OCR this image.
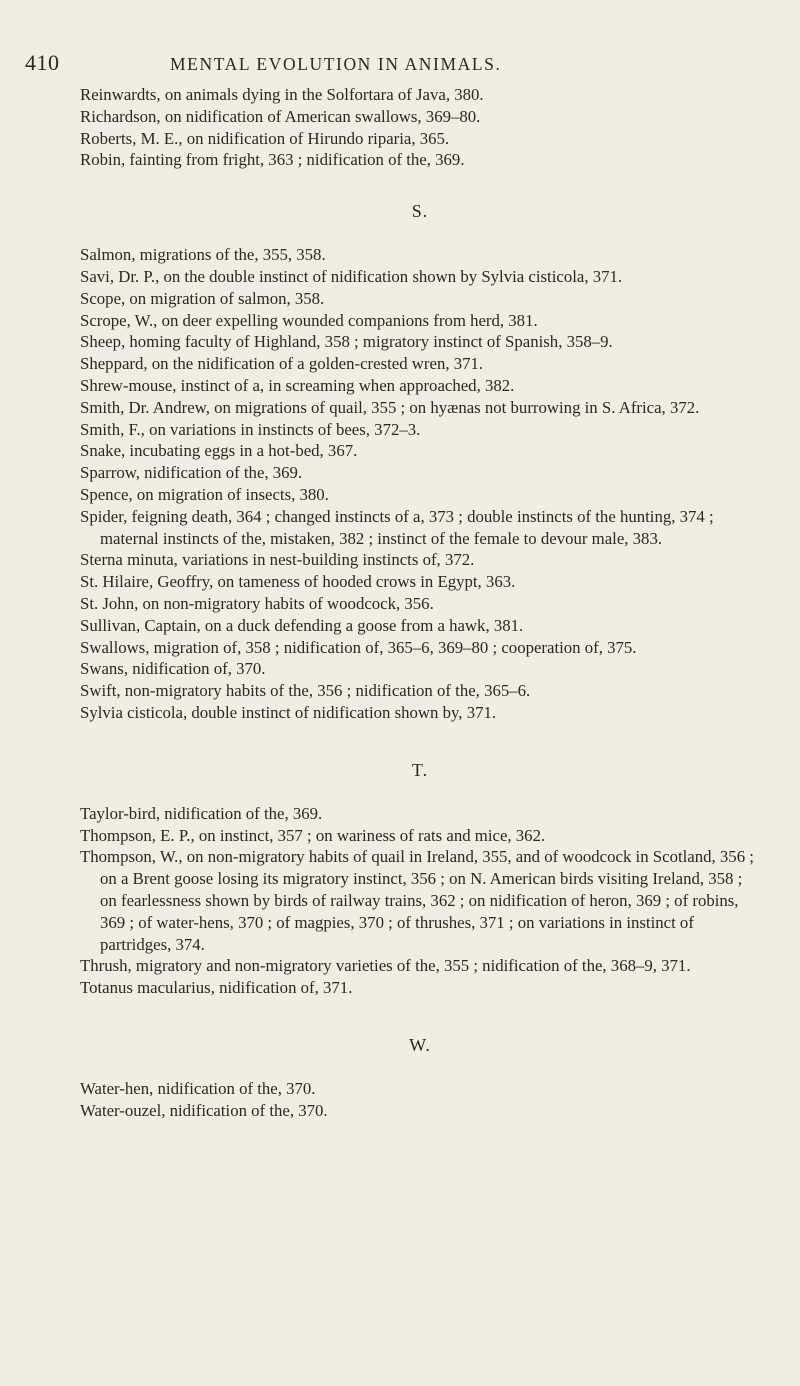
410	MENTAL EVOLUTION IN ANIMALS.
Reinwardts, on animals dying in the Solfortara of Java, 380.
Richardson, on nidification of American swallows, 369–80.
Roberts, M. E., on nidification of Hirundo riparia, 365.
Robin, fainting from fright, 363 ; nidification of the, 369.

S.

Salmon, migrations of the, 355, 358.
Savi, Dr. P., on the double instinct of nidification shown by Sylvia cisticola, 371.
Scope, on migration of salmon, 358.
Scrope, W., on deer expelling wounded companions from herd, 381.
Sheep, homing faculty of Highland, 358 ; migratory instinct of Spanish, 358–9.
Sheppard, on the nidification of a golden-crested wren, 371.
Shrew-mouse, instinct of a, in screaming when approached, 382.
Smith, Dr. Andrew, on migrations of quail, 355 ; on hyænas not burrowing in S. Africa, 372.
Smith, F., on variations in instincts of bees, 372–3.
Snake, incubating eggs in a hot-bed, 367.
Sparrow, nidification of the, 369.
Spence, on migration of insects, 380.
Spider, feigning death, 364 ; changed instincts of a, 373 ; double instincts of the hunting, 374 ; maternal instincts of the, mistaken, 382 ; instinct of the female to devour male, 383.
Sterna minuta, variations in nest-building instincts of, 372.
St. Hilaire, Geoffry, on tameness of hooded crows in Egypt, 363.
St. John, on non-migratory habits of woodcock, 356.
Sullivan, Captain, on a duck defending a goose from a hawk, 381.
Swallows, migration of, 358 ; nidification of, 365–6, 369–80 ; cooperation of, 375.
Swans, nidification of, 370.
Swift, non-migratory habits of the, 356 ; nidification of the, 365–6.
Sylvia cisticola, double instinct of nidification shown by, 371.

T.

Taylor-bird, nidification of the, 369.
Thompson, E. P., on instinct, 357 ; on wariness of rats and mice, 362.
Thompson, W., on non-migratory habits of quail in Ireland, 355, and of woodcock in Scotland, 356 ; on a Brent goose losing its migratory instinct, 356 ; on N. American birds visiting Ireland, 358 ; on fearlessness shown by birds of railway trains, 362 ; on nidification of heron, 369 ; of robins, 369 ; of water-hens, 370 ; of magpies, 370 ; of thrushes, 371 ; on variations in instinct of partridges, 374.
Thrush, migratory and non-migratory varieties of the, 355 ; nidification of the, 368–9, 371.
Totanus macularius, nidification of, 371.

W.

Water-hen, nidification of the, 370.
Water-ouzel, nidification of the, 370.
